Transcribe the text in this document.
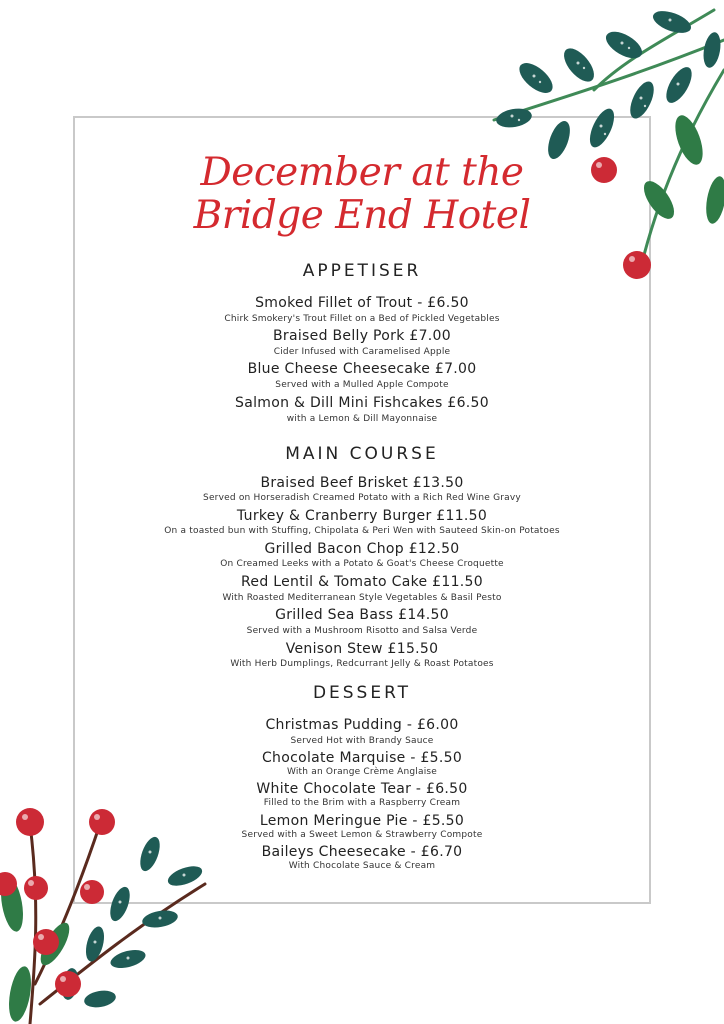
December at the
Bridge End Hotel
APPETISER
Smoked Fillet of Trout - £6.50
Chirk Smokery's Trout Fillet on a Bed of Pickled Vegetables
Braised Belly Pork £7.00
Cider Infused with Caramelised Apple
Blue Cheese Cheesecake £7.00
Served with a Mulled Apple Compote
Salmon & Dill Mini Fishcakes £6.50
with a Lemon & Dill Mayonnaise
MAIN COURSE
Braised Beef Brisket £13.50
Served on Horseradish Creamed Potato with a Rich Red Wine Gravy
Turkey & Cranberry Burger £11.50
On a toasted bun with Stuffing, Chipolata & Peri Wen with Sauteed Skin-on Potatoes
Grilled Bacon Chop £12.50
On Creamed Leeks with a Potato & Goat's Cheese Croquette
Red Lentil & Tomato Cake £11.50
With Roasted Mediterranean Style Vegetables & Basil Pesto
Grilled Sea Bass £14.50
Served with a Mushroom Risotto and Salsa Verde
Venison Stew £15.50
With Herb Dumplings, Redcurrant Jelly & Roast Potatoes
DESSERT
Christmas Pudding - £6.00
Served Hot with Brandy Sauce
Chocolate Marquise - £5.50
With an Orange Crème Anglaise
White Chocolate Tear - £6.50
Filled to the Brim with a Raspberry Cream
Lemon Meringue Pie - £5.50
Served with a Sweet Lemon & Strawberry Compote
Baileys Cheesecake - £6.70
With Chocolate Sauce & Cream
